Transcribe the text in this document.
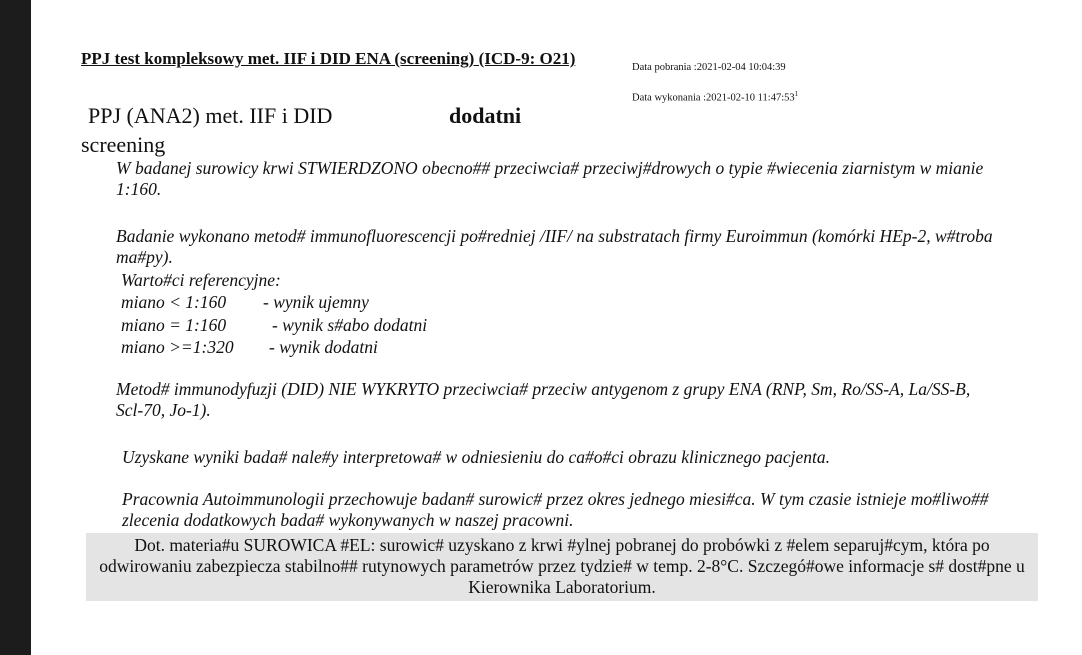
PPJ test kompleksowy met. IIF i DID ENA (screening) (ICD-9: O21)	Data pobrania :2021-02-04 10:04:39
Data wykonania :2021-02-10 $11:47:53^1$
PPJ (ANA2) met. IIF i DID	dodatni
screening

W badanej surowicy krwi STWIERDZONO obecno## przeciwcia# przeciwj#drowych o typie #wiecenia ziarnistym w mianie 1:160.

Badanie wykonano metod# immunofluorescencji po#redniej /IIF/ na substratach firmy Euroimmun (komórki HEp-2, w#troba ma#py).

Warto#ci referencyjne:
miano < 1:160 - wynik ujemny
miano = 1:160	- wynik s#abo dodatni
miano >=1:320 - wynik dodatni

Metod# immunodyfuzji (DID) NIE WYKRYTO przeciwcia# przeciw antygenom z grupy ENA (RNP, Sm, Ro/SS-A, La/SS-B, Scl-70, Jo-1).

Uzyskane wyniki bada# nale#y interpretowa# w odniesieniu do ca#o#ci obrazu klinicznego pacjenta.

Pracownia Autoimmunologii przechowuje badan# surowic# przez okres jednego miesi#ca. W tym czasie istnieje mo#liwo## zlecenia dodatkowych bada# wykonywanych w naszej pracowni.

Dot. materia#u SUROWICA #EL: surowic# uzyskano z krwi #ylnej pobranej do probówki z #elem separuj#cym, która po odwirowaniu zabezpiecza stabilno## rutynowych parametrów przez tydzie# w temp. 2-8°C. Szczegó#owe informacje s# dost#pne u Kierownika Laboratorium.
